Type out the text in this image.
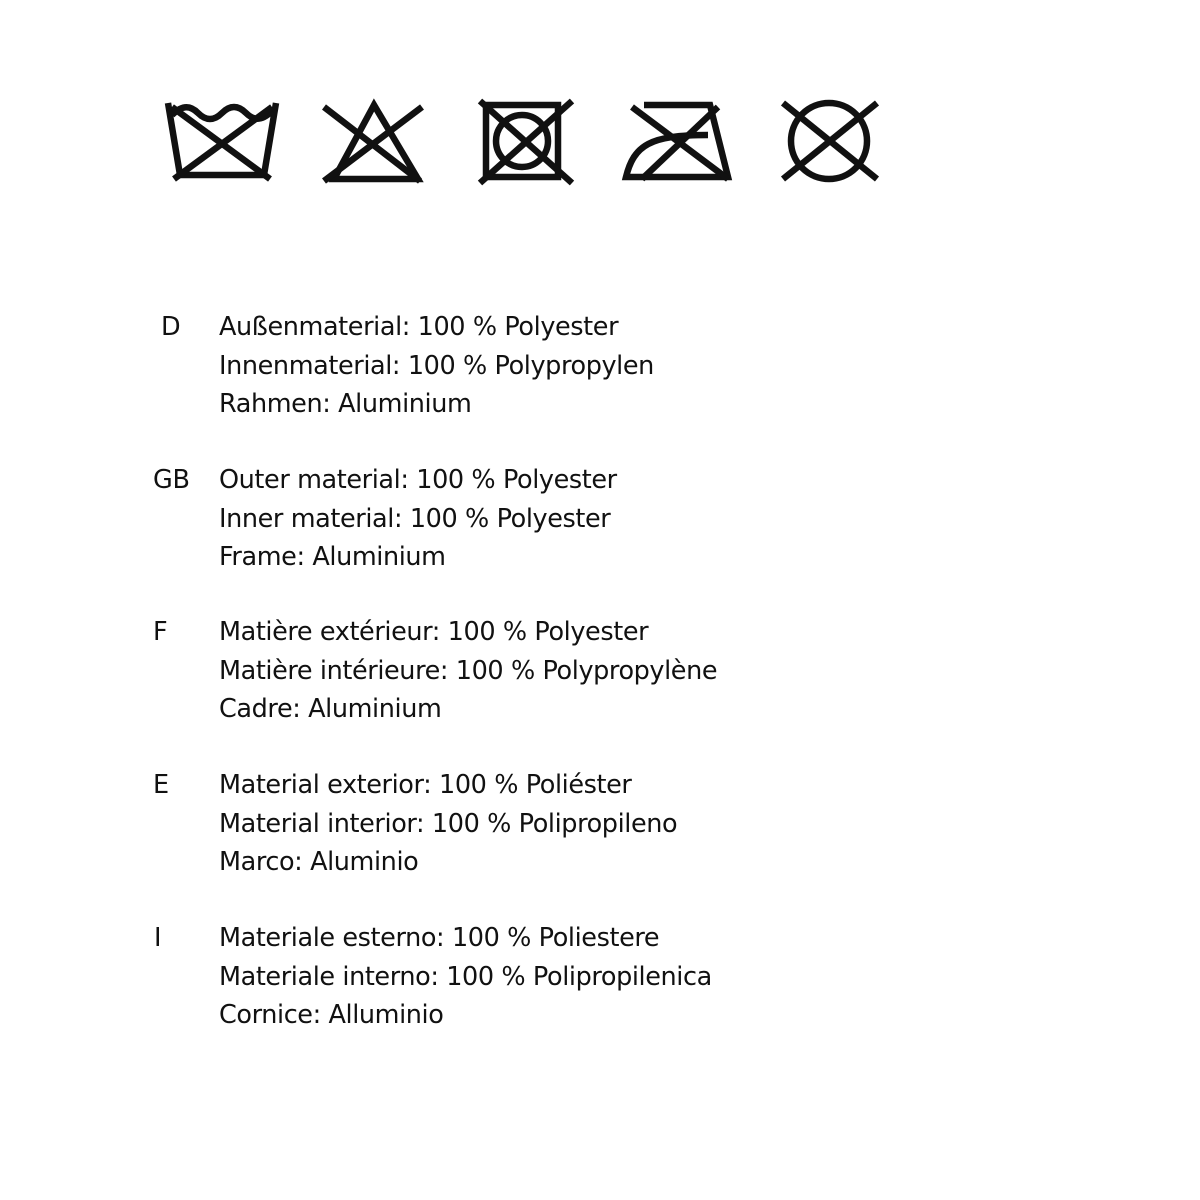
D	Außenmaterial: 100 % Polyester
Innenmaterial: 100 % Polypropylen
Rahmen: Aluminium
GB	Outer material: 100 % Polyester
Inner material: 100 % Polyester
Frame: Aluminium
F	Matière extérieur: 100 % Polyester
Matière intérieure: 100 % Polypropylène
Cadre: Aluminium
E	Material exterior: 100 % Poliéster
Material interior: 100 % Polipropileno
Marco: Aluminio
I	Materiale esterno: 100 % Poliestere
Materiale interno: 100 % Polipropilenica
Cornice: Alluminio
